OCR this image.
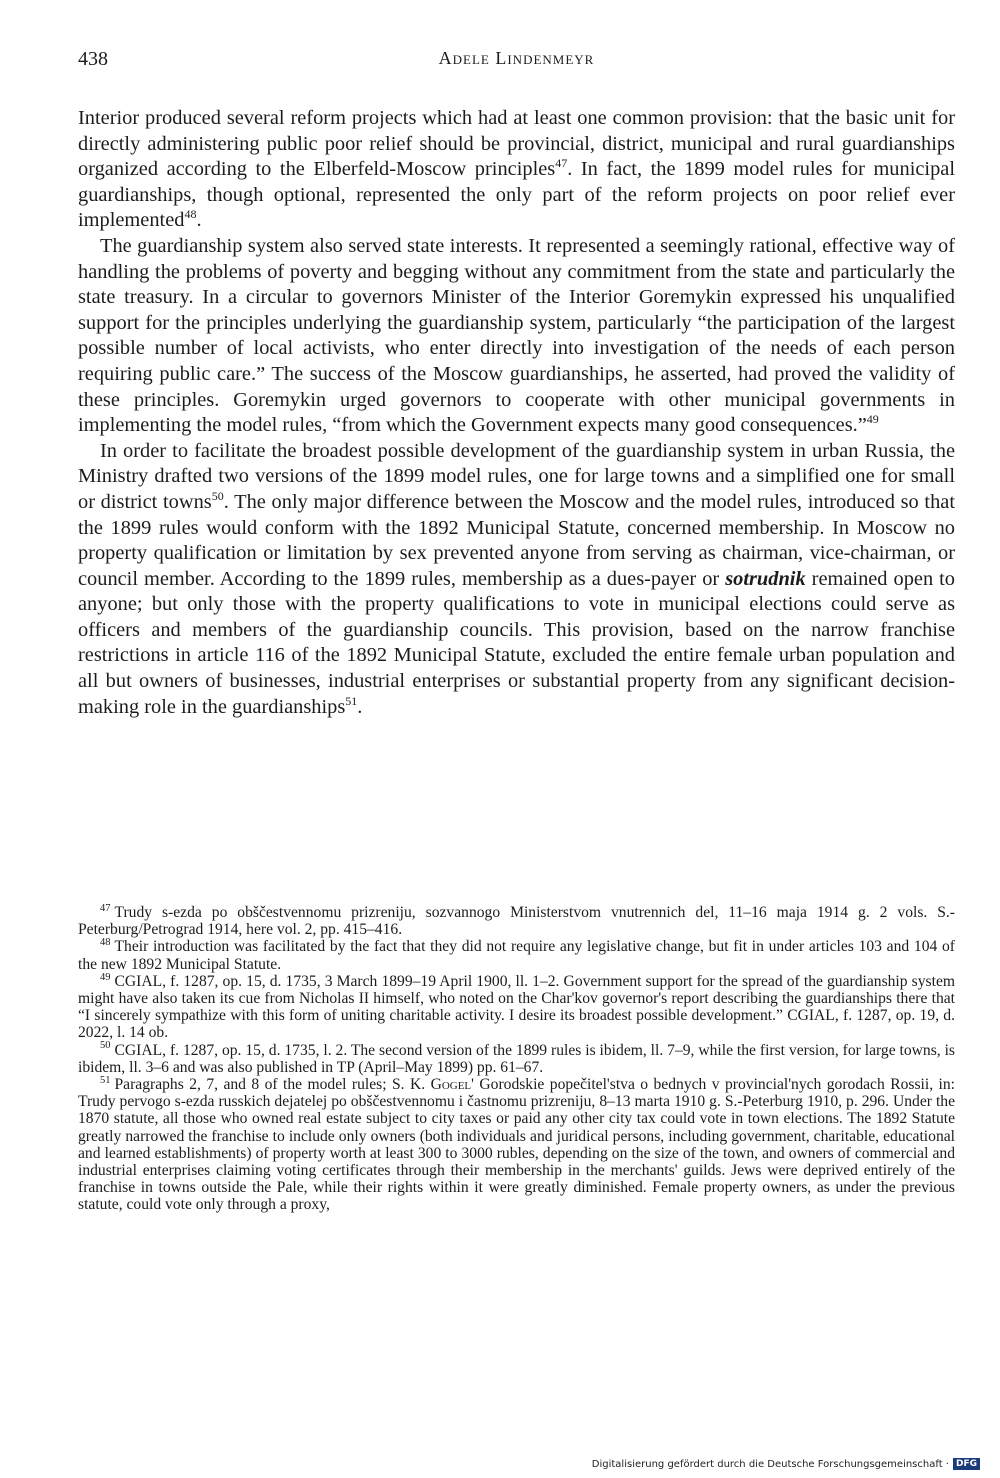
438	Adele Lindenmeyr

Interior produced several reform projects which had at least one common provision: that the basic unit for directly administering public poor relief should be provincial, district, municipal and rural guardianships organized according to the Elberfeld-Moscow principles$^{47}$. In fact, the 1899 model rules for municipal guardianships, though optional, represented the only part of the reform projects on poor relief ever implemented$^{48}$.

The guardianship system also served state interests. It represented a seemingly rational, effective way of handling the problems of poverty and begging without any commitment from the state and particularly the state treasury. In a circular to governors Minister of the Interior Goremykin expressed his unqualified support for the principles underlying the guardianship system, particularly “the participation of the largest possible number of local activists, who enter directly into investigation of the needs of each person requiring public care.” The success of the Moscow guardianships, he asserted, had proved the validity of these principles. Goremykin urged governors to cooperate with other municipal governments in implementing the model rules, “from which the Government expects many good consequences.”$^{49}$

In order to facilitate the broadest possible development of the guardianship system in urban Russia, the Ministry drafted two versions of the 1899 model rules, one for large towns and a simplified one for small or district towns$^{50}$. The only major difference between the Moscow and the model rules, introduced so that the 1899 rules would conform with the 1892 Municipal Statute, concerned membership. In Moscow no property qualification or limitation by sex prevented anyone from serving as chairman, vice-chairman, or council member. According to the 1899 rules, membership as a dues-payer or sotrudnik remained open to anyone; but only those with the property qualifications to vote in municipal elections could serve as officers and members of the guardianship councils. This provision, based on the narrow franchise restrictions in article 116 of the 1892 Municipal Statute, excluded the entire female urban population and all but owners of businesses, industrial enterprises or substantial property from any significant decision-making role in the guardianships$^{51}$.

$^{47}$ Trudy s-ezda po obščestvennomu prizreniju, sozvannogo Ministerstvom vnutrennich del, 11–16 maja 1914 g. 2 vols. S.-Peterburg/Petrograd 1914, here vol. 2, pp. 415–416.

$^{48}$ Their introduction was facilitated by the fact that they did not require any legislative change, but fit in under articles 103 and 104 of the new 1892 Municipal Statute.

$^{49}$ CGIAL, f. 1287, op. 15, d. 1735, 3 March 1899–19 April 1900, ll. 1–2. Government support for the spread of the guardianship system might have also taken its cue from Nicholas II himself, who noted on the Char'kov governor's report describing the guardianships there that “I sincerely sympathize with this form of uniting charitable activity. I desire its broadest possible development.” CGIAL, f. 1287, op. 19, d. 2022, l. 14 ob.

$^{50}$ CGIAL, f. 1287, op. 15, d. 1735, l. 2. The second version of the 1899 rules is ibidem, ll. 7–9, while the first version, for large towns, is ibidem, ll. 3–6 and was also published in TP (April–May 1899) pp. 61–67.

$^{51}$ Paragraphs 2, 7, and 8 of the model rules; S. K. Gogel' Gorodskie popečitel'stva o bednych v provincial'nych gorodach Rossii, in: Trudy pervogo s-ezda russkich dejatelej po obščestvennomu i častnomu prizreniju, 8–13 marta 1910 g. S.-Peterburg 1910, p. 296. Under the 1870 statute, all those who owned real estate subject to city taxes or paid any other city tax could vote in town elections. The 1892 Statute greatly narrowed the franchise to include only owners (both individuals and juridical persons, including government, charitable, educational and learned establishments) of property worth at least 300 to 3000 rubles, depending on the size of the town, and owners of commercial and industrial enterprises claiming voting certificates through their membership in the merchants' guilds. Jews were deprived entirely of the franchise in towns outside the Pale, while their rights within it were greatly diminished. Female property owners, as under the previous statute, could vote only through a proxy,

Digitalisierung gefördert durch die Deutsche Forschungsgemeinschaft · DFG
